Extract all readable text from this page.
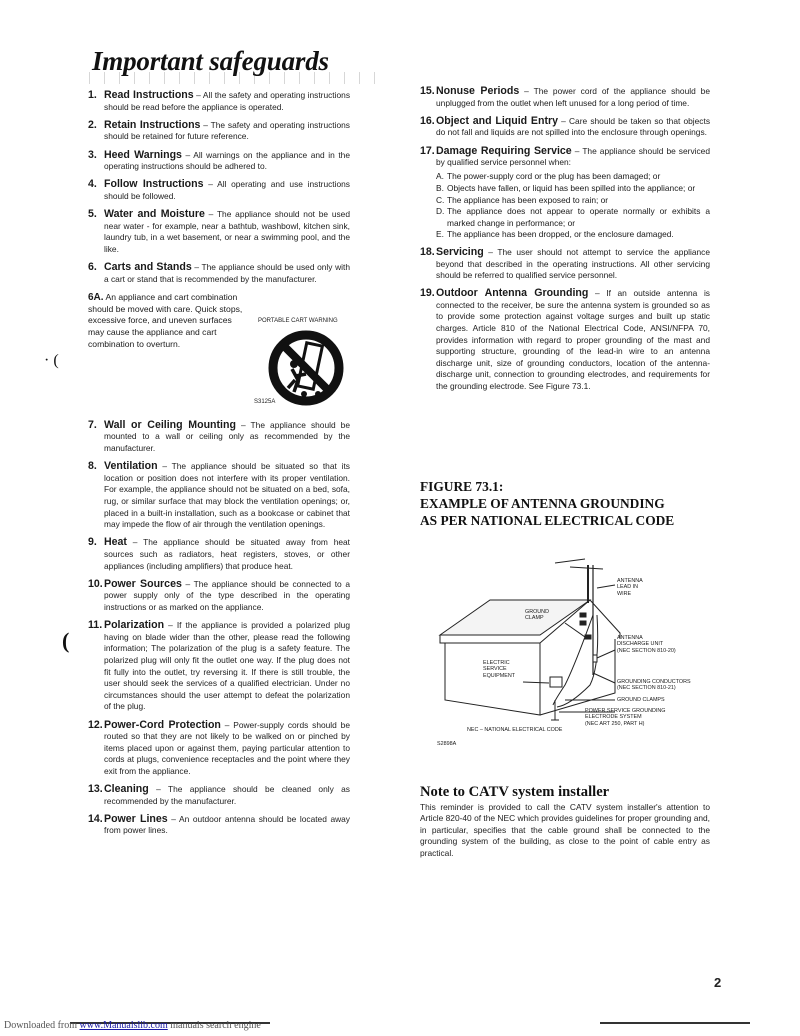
Important safeguards
· (
(
1. Read Instructions – All the safety and operating instructions should be read before the appliance is operated.
2. Retain Instructions – The safety and operating instructions should be retained for future reference.
3. Heed Warnings – All warnings on the appliance and in the operating instructions should be adhered to.
4. Follow Instructions – All operating and use instructions should be followed.
5. Water and Moisture – The appliance should not be used near water - for example, near a bathtub, washbowl, kitchen sink, laundry tub, in a wet basement, or near a swimming pool, and the like.
6. Carts and Stands – The appliance should be used only with a cart or stand that is recommended by the manufacturer.
6A. An appliance and cart combination should be moved with care. Quick stops, excessive force, and uneven surfaces may cause the appliance and cart combination to overturn.
PORTABLE CART WARNING
S3125A
7. Wall or Ceiling Mounting – The appliance should be mounted to a wall or ceiling only as recommended by the manufacturer.
8. Ventilation – The appliance should be situated so that its location or position does not interfere with its proper ventilation. For example, the appliance should not be situated on a bed, sofa, rug, or similar surface that may block the ventilation openings; or, placed in a built-in installation, such as a bookcase or cabinet that may impede the flow of air through the ventilation openings.
9. Heat – The appliance should be situated away from heat sources such as radiators, heat registers, stoves, or other appliances (including amplifiers) that produce heat.
10. Power Sources – The appliance should be connected to a power supply only of the type described in the operating instructions or as marked on the appliance.
11. Polarization – If the appliance is provided a polarized plug having on blade wider than the other, please read the following information; The polarization of the plug is a safety feature. The polarized plug will only fit the outlet one way. If the plug does not fit fully into the outlet, try reversing it. If there is still trouble, the user should seek the services of a qualified electrician. Under no circumstances should the user attempt to defeat the polarization of the plug.
12. Power-Cord Protection – Power-supply cords should be routed so that they are not likely to be walked on or pinched by items placed upon or against them, paying particular attention to cords at plugs, convenience receptacles and the point where they exit from the appliance.
13. Cleaning – The appliance should be cleaned only as recommended by the manufacturer.
14. Power Lines – An outdoor antenna should be located away from power lines.
15. Nonuse Periods – The power cord of the appliance should be unplugged from the outlet when left unused for a long period of time.
16. Object and Liquid Entry – Care should be taken so that objects do not fall and liquids are not spilled into the enclosure through openings.
17. Damage Requiring Service – The appliance should be serviced by qualified service personnel when:
A. The power-supply cord or the plug has been damaged; or
B. Objects have fallen, or liquid has been spilled into the appliance; or
C. The appliance has been exposed to rain; or
D. The appliance does not appear to operate normally or exhibits a marked change in performance; or
E. The appliance has been dropped, or the enclosure damaged.
18. Servicing – The user should not attempt to service the appliance beyond that described in the operating instructions. All other servicing should be referred to qualified service personnel.
19. Outdoor Antenna Grounding – If an outside antenna is connected to the receiver, be sure the antenna system is grounded so as to provide some protection against voltage surges and built up static charges. Article 810 of the National Electrical Code, ANSI/NFPA 70, provides information with regard to proper grounding of the mast and supporting structure, grounding of the lead-in wire to an antenna discharge unit, size of grounding conductors, location of the antenna-discharge unit, connection to grounding electrodes, and requirements for the grounding electrode. See Figure 73.1.
FIGURE 73.1:
EXAMPLE OF ANTENNA GROUNDING
AS PER NATIONAL ELECTRICAL CODE
ANTENNA
LEAD IN
WIRE
GROUND
CLAMP
ANTENNA
DISCHARGE UNIT
(NEC SECTION 810-20)
ELECTRIC
SERVICE
EQUIPMENT
GROUNDING CONDUCTORS
(NEC SECTION 810-21)
GROUND CLAMPS
POWER SERVICE GROUNDING
ELECTRODE SYSTEM
(NEC ART 250, PART H)
NEC – NATIONAL ELECTRICAL CODE
S2898A
Note to CATV system installer
This reminder is provided to call the CATV system installer's attention to Article 820-40 of the NEC which provides guidelines for proper grounding and, in particular, specifies that the cable ground shall be connected to the grounding system of the building, as close to the point of cable entry as practical.
2
Downloaded from www.Manualslib.com manuals search engine
